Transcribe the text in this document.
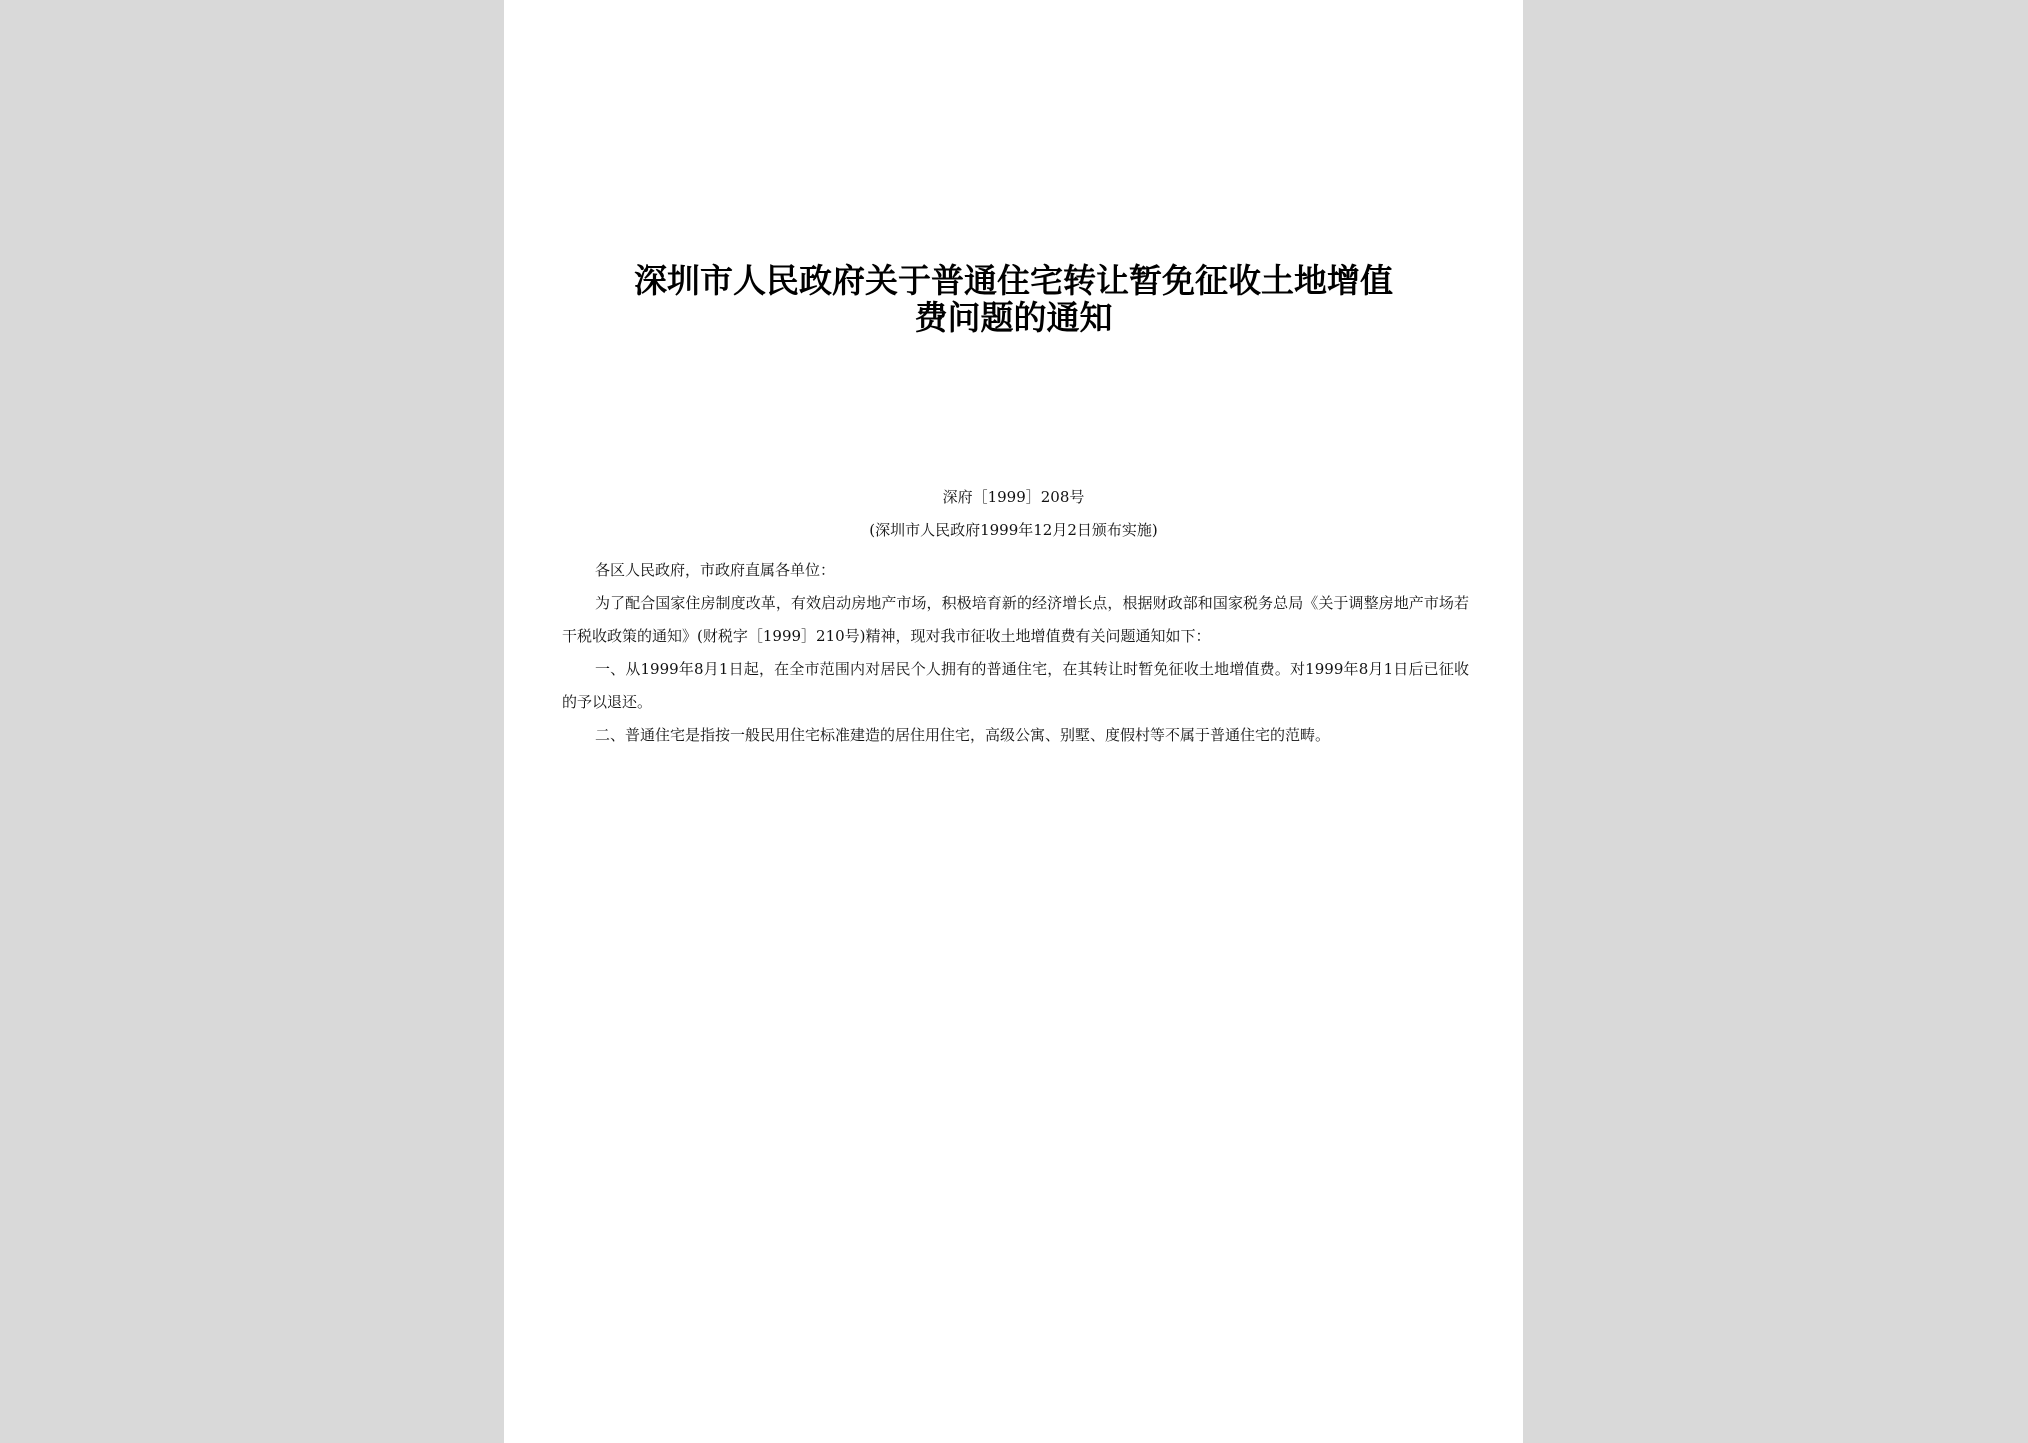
深圳市人民政府关于普通住宅转让暂免征收土地增值
费问题的通知
深府［1999］208号
(深圳市人民政府1999年12月2日颁布实施)

各区人民政府，市政府直属各单位：

为了配合国家住房制度改革，有效启动房地产市场，积极培育新的经济增长点，根据财政部和国家税务总局《关于调整房地产市场若干税收政策的通知》(财税字［1999］210号)精神，现对我市征收土地增值费有关问题通知如下：

一、从1999年8月1日起，在全市范围内对居民个人拥有的普通住宅，在其转让时暂免征收土地增值费。对1999年8月1日后已征收的予以退还。

二、普通住宅是指按一般民用住宅标准建造的居住用住宅，高级公寓、别墅、度假村等不属于普通住宅的范畴。
